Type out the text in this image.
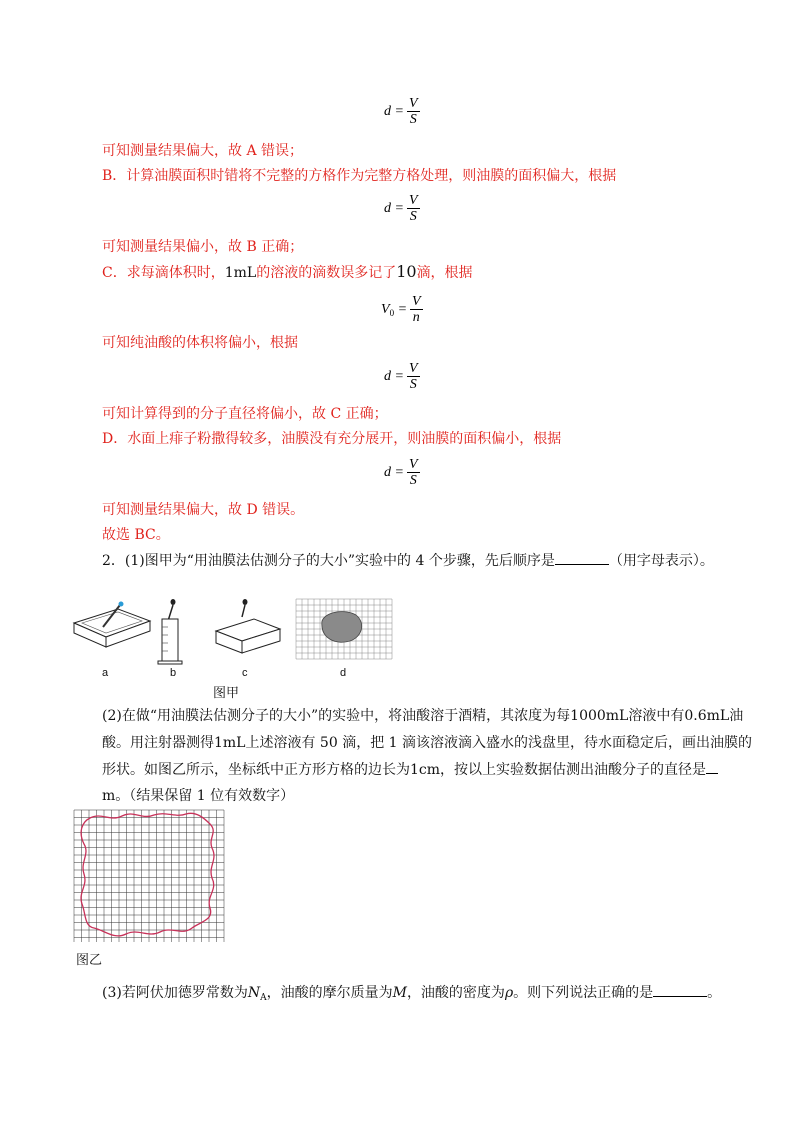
$d = \frac{V}{S}$
可知测量结果偏大，故 A 错误；
B．计算油膜面积时错将不完整的方格作为完整方格处理，则油膜的面积偏大，根据
$d = \frac{V}{S}$
可知测量结果偏小，故 B 正确；
C．求每滴体积时，1mL的溶液的滴数误多记了10滴，根据
$V_0 = \frac{V}{n}$
可知纯油酸的体积将偏小，根据
$d = \frac{V}{S}$
可知计算得到的分子直径将偏小，故 C 正确；
D．水面上痱子粉撒得较多，油膜没有充分展开，则油膜的面积偏小，根据
$d = \frac{V}{S}$
可知测量结果偏大，故 D 错误。
故选 BC。
2．(1)图甲为“用油膜法估测分子的大小”实验中的 4 个步骤，先后顺序是	（用字母表示）。
a	b	c	d
图甲
(2)在做“用油膜法估测分子的大小”的实验中，将油酸溶于酒精，其浓度为每1000mL溶液中有0.6mL油
酸。用注射器测得1mL上述溶液有 50 滴，把 1 滴该溶液滴入盛水的浅盘里，待水面稳定后，画出油膜的
形状。如图乙所示，坐标纸中正方形方格的边长为1cm，按以上实验数据估测出油酸分子的直径是
m。（结果保留 1 位有效数字）
图乙
(3)若阿伏加德罗常数为$N_A$，油酸的摩尔质量为M，油酸的密度为ρ。则下列说法正确的是	。
